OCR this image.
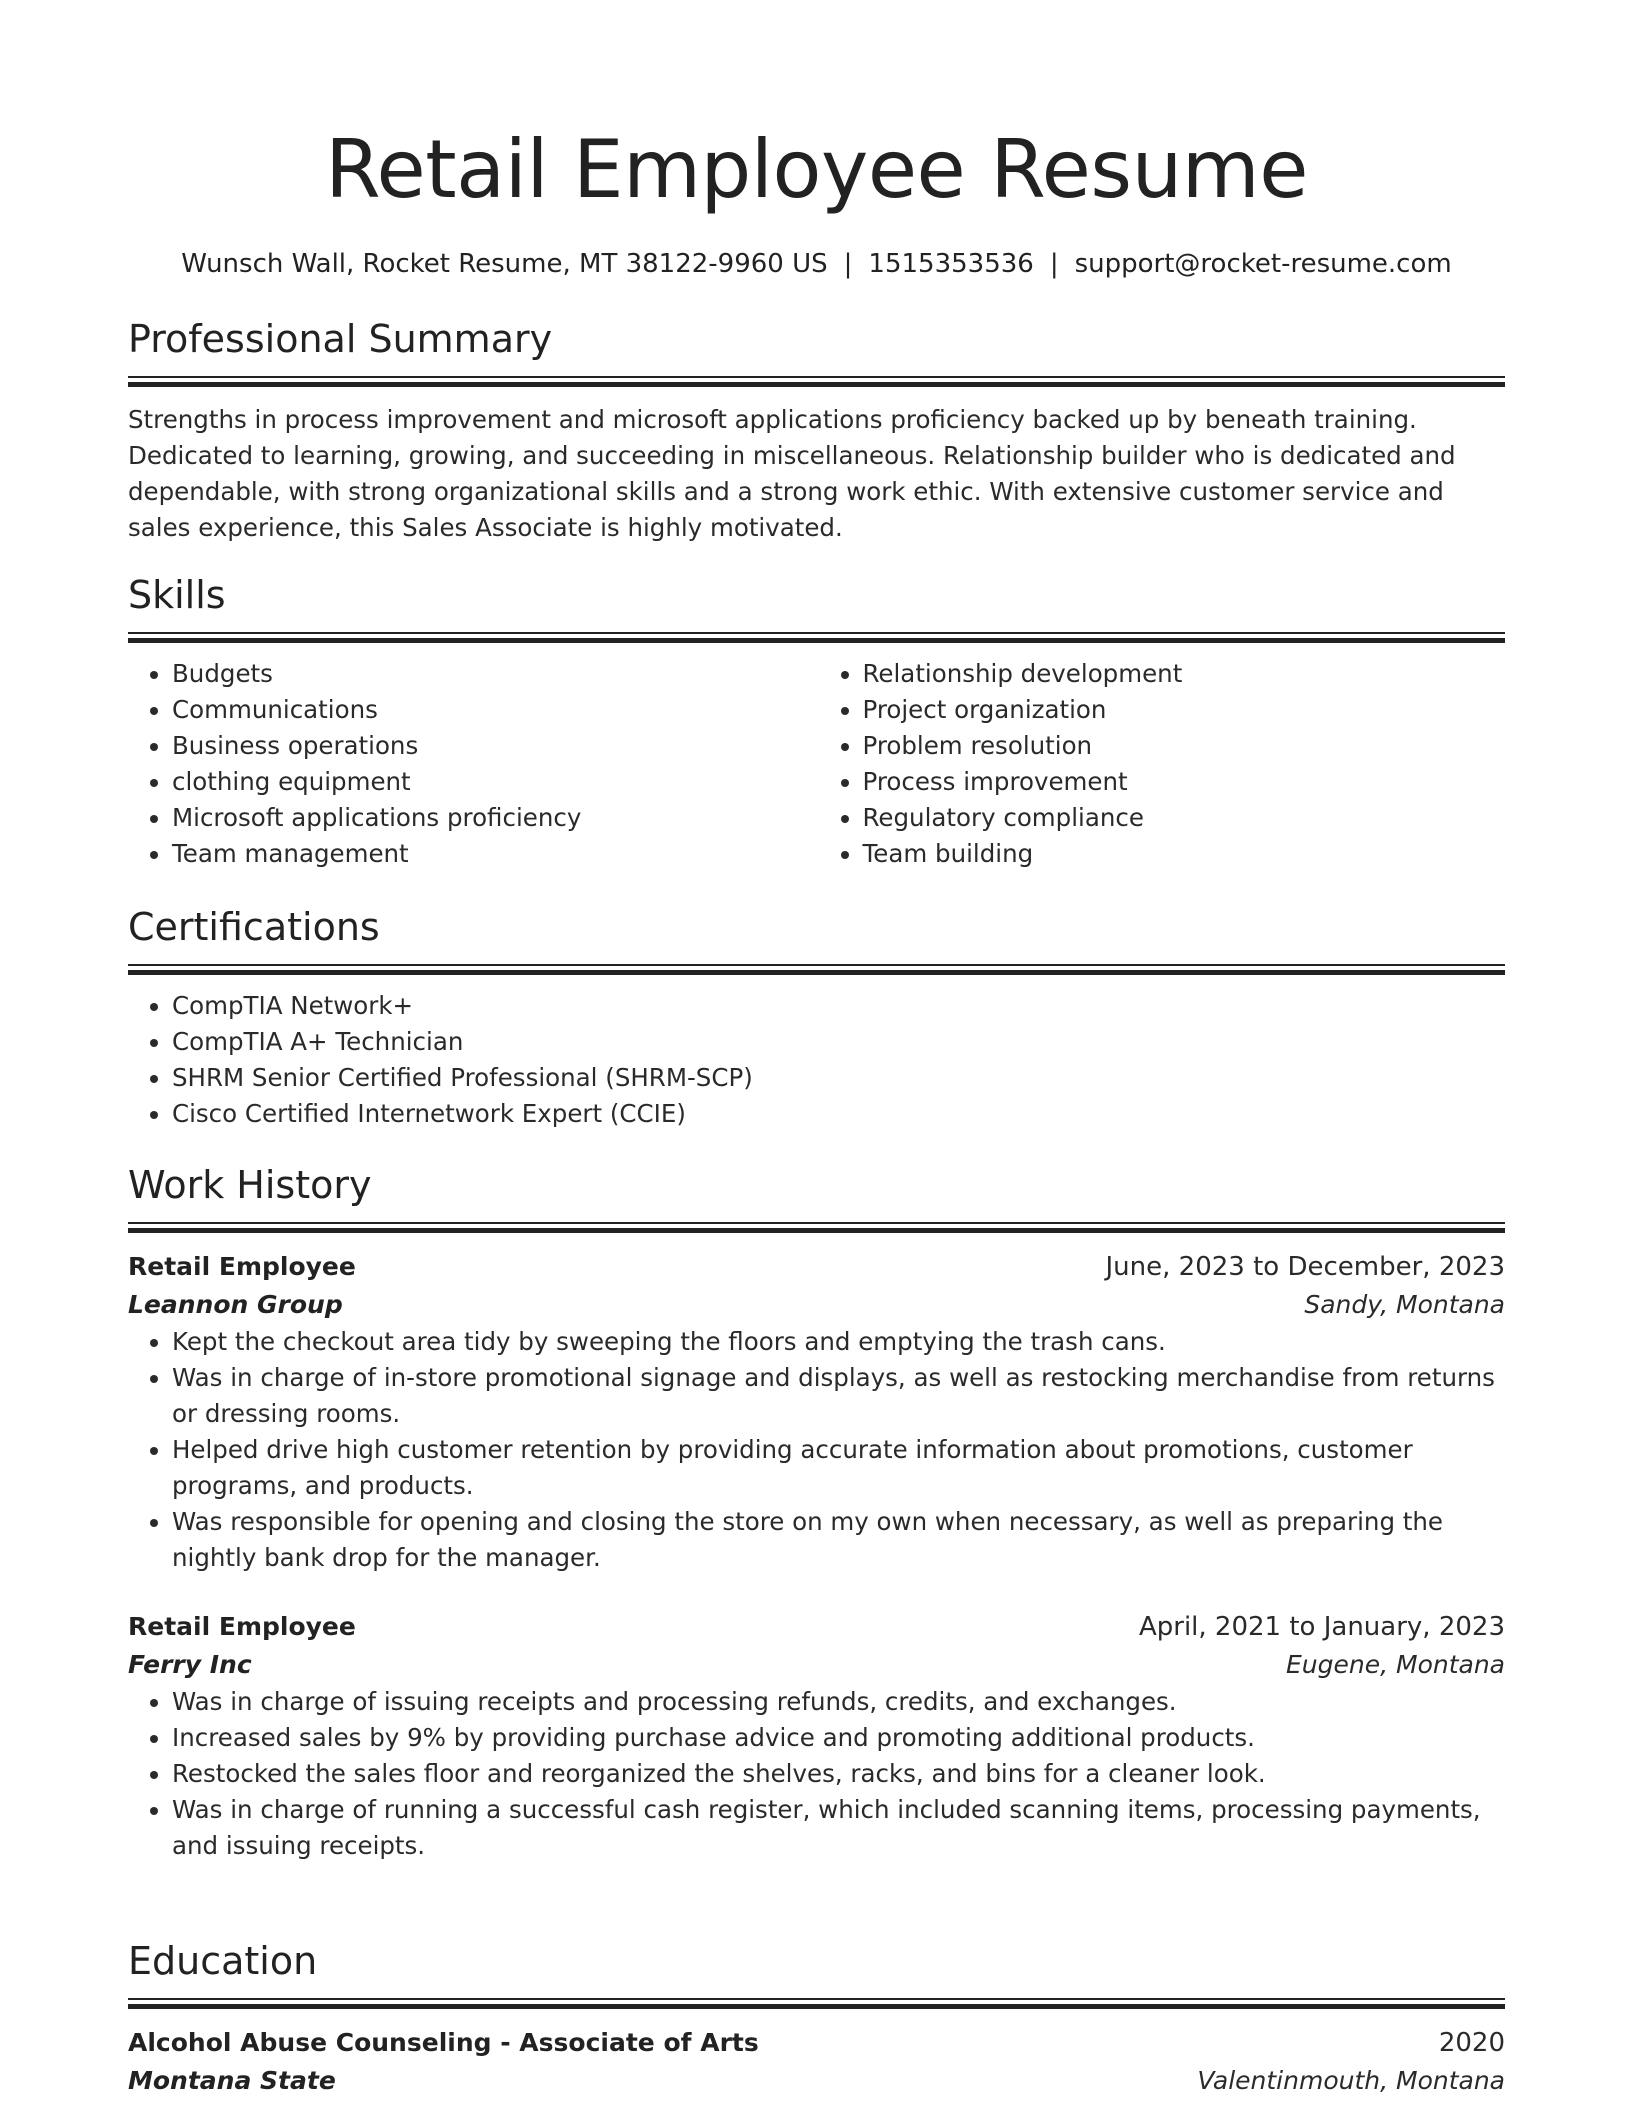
Retail Employee Resume
Wunsch Wall, Rocket Resume, MT 38122-9960 US | 1515353536 | support@rocket-resume.com
Professional Summary

Strengths in process improvement and microsoft applications proficiency backed up by beneath training. Dedicated to learning, growing, and succeeding in miscellaneous. Relationship builder who is dedicated and dependable, with strong organizational skills and a strong work ethic. With extensive customer service and sales experience, this Sales Associate is highly motivated.

Skills
• Budgets
• Communications
• Business operations
• clothing equipment
• Microsoft applications proficiency
• Team management
• Relationship development
• Project organization
• Problem resolution
• Process improvement
• Regulatory compliance
• Team building
Certifications
• CompTIA Network+
• CompTIA A+ Technician
• SHRM Senior Certified Professional (SHRM-SCP)
• Cisco Certified Internetwork Expert (CCIE)
Work History
Retail Employee	June, 2023 to December, 2023
Leannon Group	Sandy, Montana
• Kept the checkout area tidy by sweeping the floors and emptying the trash cans.
• Was in charge of in-store promotional signage and displays, as well as restocking merchandise from returns or dressing rooms.
• Helped drive high customer retention by providing accurate information about promotions, customer programs, and products.
• Was responsible for opening and closing the store on my own when necessary, as well as preparing the nightly bank drop for the manager.
Retail Employee	April, 2021 to January, 2023
Ferry Inc	Eugene, Montana
• Was in charge of issuing receipts and processing refunds, credits, and exchanges.
• Increased sales by 9% by providing purchase advice and promoting additional products.
• Restocked the sales floor and reorganized the shelves, racks, and bins for a cleaner look.
• Was in charge of running a successful cash register, which included scanning items, processing payments, and issuing receipts.
Education
Alcohol Abuse Counseling - Associate of Arts	2020
Montana State	Valentinmouth, Montana
